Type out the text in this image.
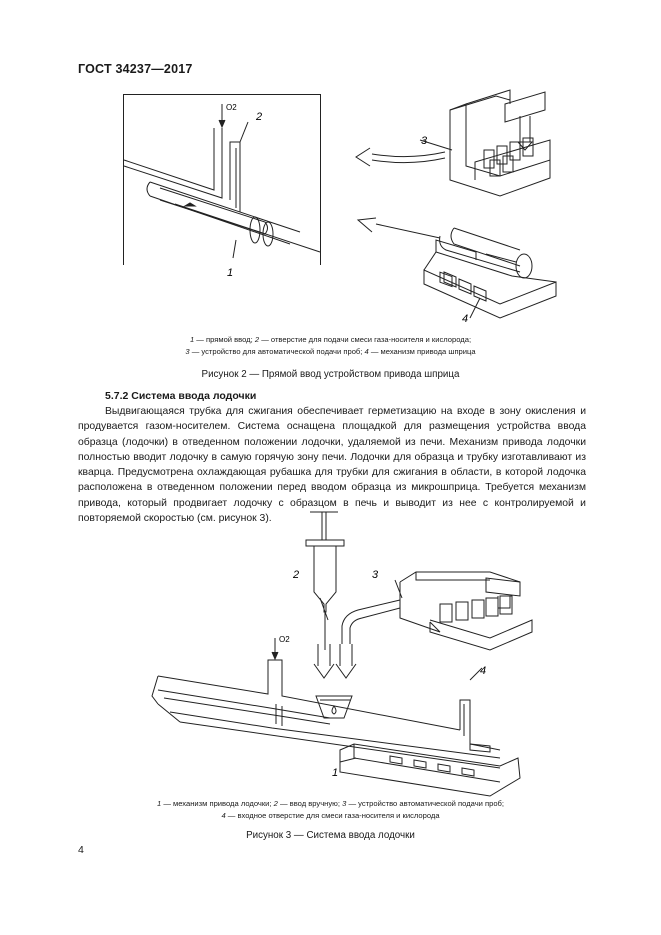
ГОСТ 34237—2017
2
1
3
4
O2
1 — прямой ввод; 2 — отверстие для подачи смеси газа-носителя и кислорода;
3 — устройство для автоматической подачи проб; 4 — механизм привода шприца
Рисунок 2 — Прямой ввод устройством привода шприца
5.7.2 Система ввода лодочки
Выдвигающаяся трубка для сжигания обеспечивает герметизацию на входе в зону окисления и продувается газом-носителем. Система оснащена площадкой для размещения устройства ввода образца (лодочки) в отведенном положении лодочки, удаляемой из печи. Механизм привода лодочки полностью вводит лодочку в самую горячую зону печи. Лодочки для образца и трубку изготавливают из кварца. Предусмотрена охлаждающая рубашка для трубки для сжигания в области, в которой лодочка расположена в отведенном положении перед вводом образца из микрошприца. Требуется механизм привода, который продвигает лодочку с образцом в печь и выводит из нее с контролируемой и повторяемой скоростью (см. рисунок 3).
2	3
4
1
O2
1 — механизм привода лодочки; 2 — ввод вручную; 3 — устройство автоматической подачи проб;
4 — входное отверстие для смеси газа-носителя и кислорода
Рисунок 3 — Система ввода лодочки
4
